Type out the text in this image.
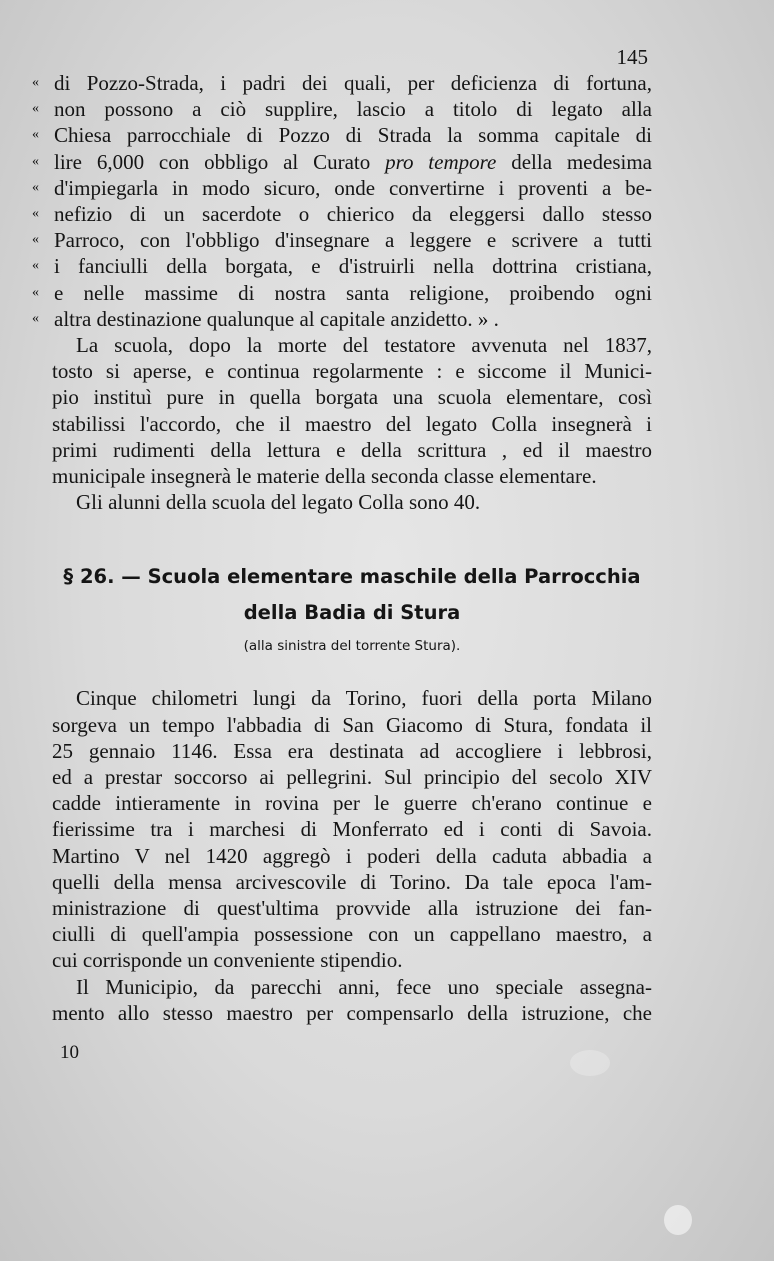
145
« di Pozzo-Strada, i padri dei quali, per deficienza di fortuna,
« non possono a ciò supplire, lascio a titolo di legato alla
« Chiesa parrocchiale di Pozzo di Strada la somma capitale di
« lire 6,000 con obbligo al Curato pro tempore della medesima
« d'impiegarla in modo sicuro, onde convertirne i proventi a be-
« nefizio di un sacerdote o chierico da eleggersi dallo stesso
« Parroco, con l'obbligo d'insegnare a leggere e scrivere a tutti
« i fanciulli della borgata, e d'istruirli nella dottrina cristiana,
« e nelle massime di nostra santa religione, proibendo ogni
« altra destinazione qualunque al capitale anzidetto. » .

La scuola, dopo la morte del testatore avvenuta nel 1837,
tosto si aperse, e continua regolarmente : e siccome il Munici-
pio instituì pure in quella borgata una scuola elementare, così
stabilissi l'accordo, che il maestro del legato Colla insegnerà i
primi rudimenti della lettura e della scrittura , ed il maestro
municipale insegnerà le materie della seconda classe elementare.

Gli alunni della scuola del legato Colla sono 40.

§ 26. — Scuola elementare maschile della Parrocchia
della Badia di Stura
(alla sinistra del torrente Stura).

Cinque chilometri lungi da Torino, fuori della porta Milano
sorgeva un tempo l'abbadia di San Giacomo di Stura, fondata il
25 gennaio 1146. Essa era destinata ad accogliere i lebbrosi,
ed a prestar soccorso ai pellegrini. Sul principio del secolo XIV
cadde intieramente in rovina per le guerre ch'erano continue e
fierissime tra i marchesi di Monferrato ed i conti di Savoia.
Martino V nel 1420 aggregò i poderi della caduta abbadia a
quelli della mensa arcivescovile di Torino. Da tale epoca l'am-
ministrazione di quest'ultima provvide alla istruzione dei fan-
ciulli di quell'ampia possessione con un cappellano maestro, a
cui corrisponde un conveniente stipendio.

Il Municipio, da parecchi anni, fece uno speciale assegna-
mento allo stesso maestro per compensarlo della istruzione, che

10
